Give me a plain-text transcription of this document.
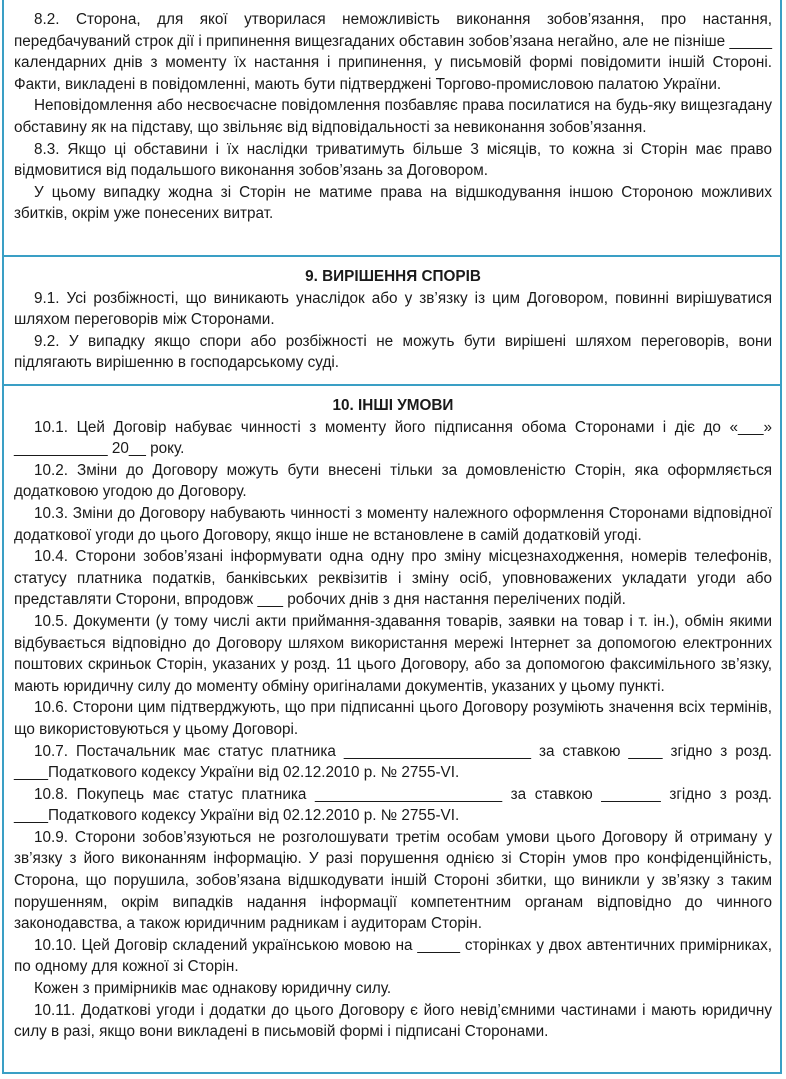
8.2. Сторона, для якої утворилася неможливість виконання зобов’язання, про настання, передбачуваний строк дії і припинення вищезгаданих обставин зобов’язана негайно, але не пізніше _____ календарних днів з моменту їх настання і припинення, у письмовій формі повідомити іншій Стороні. Факти, викладені в повідомленні, мають бути підтверджені Торгово-промисловою палатою України.

Неповідомлення або несвоєчасне повідомлення позбавляє права посилатися на будь-яку вищезгадану обставину як на підставу, що звільняє від відповідальності за невиконання зобов’язання.

8.3. Якщо ці обставини і їх наслідки триватимуть більше 3 місяців, то кожна зі Сторін має право відмовитися від подальшого виконання зобов’язань за Договором.

У цьому випадку жодна зі Сторін не матиме права на відшкодування іншою Стороною можливих збитків, окрім уже понесених витрат.

9. ВИРІШЕННЯ СПОРІВ

9.1. Усі розбіжності, що виникають унаслідок або у зв’язку із цим Договором, повинні вирішуватися шляхом переговорів між Сторонами.

9.2. У випадку якщо спори або розбіжності не можуть бути вирішені шляхом переговорів, вони підлягають вирішенню в господарському суді.

10. ІНШІ УМОВИ

10.1. Цей Договір набуває чинності з моменту його підписання обома Сторонами і діє до «___» ___________ 20__ року.

10.2. Зміни до Договору можуть бути внесені тільки за домовленістю Сторін, яка оформляється додатковою угодою до Договору.

10.3. Зміни до Договору набувають чинності з моменту належного оформлення Сторонами відповідної додаткової угоди до цього Договору, якщо інше не встановлене в самій додатковій угоді.

10.4. Сторони зобов’язані інформувати одна одну про зміну місцезнаходження, номерів телефонів, статусу платника податків, банківських реквізитів і зміну осіб, уповноважених укладати угоди або представляти Сторони, впродовж ___ робочих днів з дня настання перелічених подій.

10.5. Документи (у тому числі акти приймання-здавання товарів, заявки на товар і т. ін.), обмін якими відбувається відповідно до Договору шляхом використання мережі Інтернет за допомогою електронних поштових скриньок Сторін, указаних у розд. 11 цього Договору, або за допомогою факсимільного зв’язку, мають юридичну силу до моменту обміну оригіналами документів, указаних у цьому пункті.

10.6. Сторони цим підтверджують, що при підписанні цього Договору розуміють значення всіх термінів, що використовуються у цьому Договорі.

10.7. Постачальник має статус платника ______________________ за ставкою ____ згідно з розд. ____Податкового кодексу України від 02.12.2010 р. № 2755-VI.

10.8. Покупець має статус платника ______________________ за ставкою _______ згідно з розд. ____Податкового кодексу України від 02.12.2010 р. № 2755-VI.

10.9. Сторони зобов’язуються не розголошувати третім особам умови цього Договору й отриману у зв’язку з його виконанням інформацію. У разі порушення однією зі Сторін умов про конфіденційність, Сторона, що порушила, зобов’язана відшкодувати іншій Стороні збитки, що виникли у зв’язку з таким порушенням, окрім випадків надання інформації компетентним органам відповідно до чинного законодавства, а також юридичним радникам і аудиторам Сторін.

10.10. Цей Договір складений українською мовою на _____ сторінках у двох автентичних примірниках, по одному для кожної зі Сторін.

Кожен з примірників має однакову юридичну силу.

10.11. Додаткові угоди і додатки до цього Договору є його невід’ємними частинами і мають юридичну силу в разі, якщо вони викладені в письмовій формі і підписані Сторонами.
